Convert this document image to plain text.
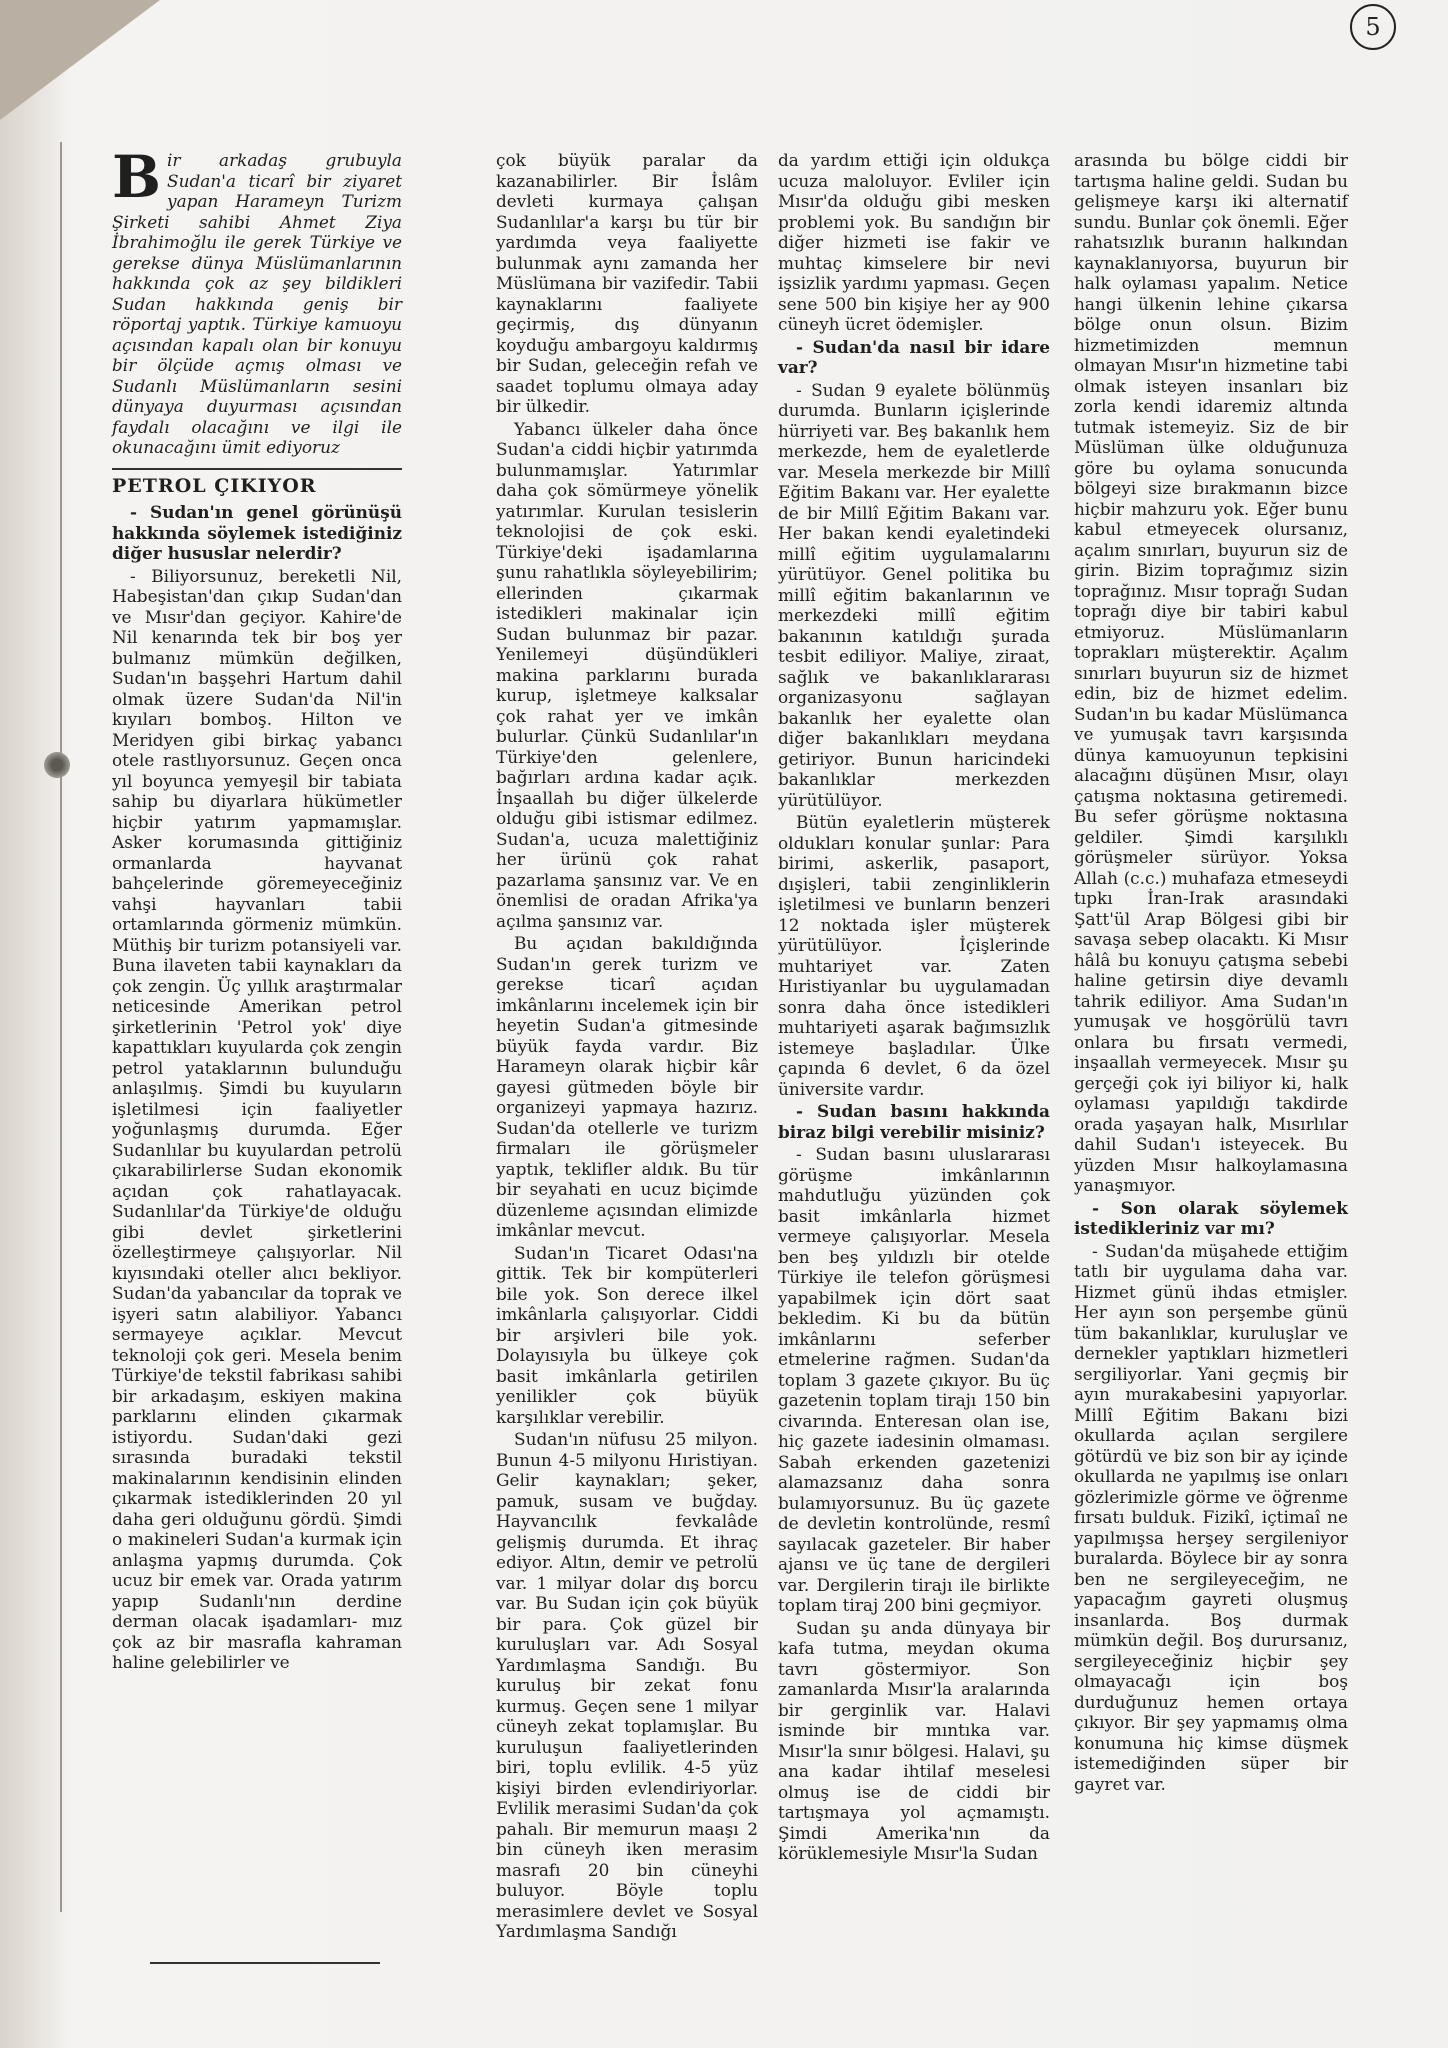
5

Bir arkadaş grubuyla Sudan'a ticarî bir ziyaret yapan Harameyn Turizm Şirketi sahibi Ahmet Ziya İbrahimoğlu ile gerek Türkiye ve gerekse dünya Müslümanlarının hakkında çok az şey bildikleri Sudan hakkında geniş bir röportaj yaptık. Türkiye kamuoyu açısından kapalı olan bir konuyu bir ölçüde açmış olması ve Sudanlı Müslümanların sesini dünyaya duyurması açısından faydalı olacağını ve ilgi ile okunacağını ümit ediyoruz

PETROL ÇIKIYOR

- Sudan'ın genel görünüşü hakkında söylemek istediğiniz diğer hususlar nelerdir?

- Biliyorsunuz, bereketli Nil, Habeşistan'dan çıkıp Sudan'dan ve Mısır'dan geçiyor. Kahire'de Nil kenarında tek bir boş yer bulmanız mümkün değilken, Sudan'ın başşehri Hartum dahil olmak üzere Sudan'da Nil'in kıyıları bomboş. Hilton ve Meridyen gibi birkaç yabancı otele rastlıyorsunuz. Geçen onca yıl boyunca yemyeşil bir tabiata sahip bu diyarlara hükümetler hiçbir yatırım yapmamışlar. Asker korumasında gittiğiniz ormanlarda hayvanat bahçelerinde göremeyeceğiniz vahşi hayvanları tabii ortamlarında görmeniz mümkün. Müthiş bir turizm potansiyeli var. Buna ilaveten tabii kaynakları da çok zengin. Üç yıllık araştırmalar neticesinde Amerikan petrol şirketlerinin 'Petrol yok' diye kapattıkları kuyularda çok zengin petrol yataklarının bulunduğu anlaşılmış. Şimdi bu kuyuların işletilmesi için faaliyetler yoğunlaşmış durumda. Eğer Sudanlılar bu kuyulardan petrolü çıkarabilirlerse Sudan ekonomik açıdan çok rahatlayacak. Sudanlılar'da Türkiye'de olduğu gibi devlet şirketlerini özelleştirmeye çalışıyorlar. Nil kıyısındaki oteller alıcı bekliyor. Sudan'da yabancılar da toprak ve işyeri satın alabiliyor. Yabancı sermayeye açıklar. Mevcut teknoloji çok geri. Mesela benim Türkiye'de tekstil fabrikası sahibi bir arkadaşım, eskiyen makina parklarını elinden çıkarmak istiyordu. Sudan'daki gezi sırasında buradaki tekstil makinalarının kendisinin elinden çıkarmak istediklerinden 20 yıl daha geri olduğunu gördü. Şimdi o makineleri Sudan'a kurmak için anlaşma yapmış durumda. Çok ucuz bir emek var. Orada yatırım yapıp Sudanlı'nın derdine derman olacak işadamları- mız çok az bir masrafla kahraman haline gelebilirler ve

çok büyük paralar da kazanabilirler. Bir İslâm devleti kurmaya çalışan Sudanlılar'a karşı bu tür bir yardımda veya faaliyette bulunmak aynı zamanda her Müslümana bir vazifedir. Tabii kaynaklarını faaliyete geçirmiş, dış dünyanın koyduğu ambargoyu kaldırmış bir Sudan, geleceğin refah ve saadet toplumu olmaya aday bir ülkedir.

Yabancı ülkeler daha önce Sudan'a ciddi hiçbir yatırımda bulunmamışlar. Yatırımlar daha çok sömürmeye yönelik yatırımlar. Kurulan tesislerin teknolojisi de çok eski. Türkiye'deki işadamlarına şunu rahatlıkla söyleyebilirim; ellerinden çıkarmak istedikleri makinalar için Sudan bulunmaz bir pazar. Yenilemeyi düşündükleri makina parklarını burada kurup, işletmeye kalksalar çok rahat yer ve imkân bulurlar. Çünkü Sudanlılar'ın Türkiye'den gelenlere, bağırları ardına kadar açık. İnşaallah bu diğer ülkelerde olduğu gibi istismar edilmez. Sudan'a, ucuza malettiğiniz her ürünü çok rahat pazarlama şansınız var. Ve en önemlisi de oradan Afrika'ya açılma şansınız var.

Bu açıdan bakıldığında Sudan'ın gerek turizm ve gerekse ticarî açıdan imkânlarını incelemek için bir heyetin Sudan'a gitmesinde büyük fayda vardır. Biz Harameyn olarak hiçbir kâr gayesi gütmeden böyle bir organizeyi yapmaya hazırız. Sudan'da otellerle ve turizm firmaları ile görüşmeler yaptık, teklifler aldık. Bu tür bir seyahati en ucuz biçimde düzenleme açısından elimizde imkânlar mevcut.

Sudan'ın Ticaret Odası'na gittik. Tek bir kompüterleri bile yok. Son derece ilkel imkânlarla çalışıyorlar. Ciddi bir arşivleri bile yok. Dolayısıyla bu ülkeye çok basit imkânlarla getirilen yenilikler çok büyük karşılıklar verebilir.

Sudan'ın nüfusu 25 milyon. Bunun 4-5 milyonu Hıristiyan. Gelir kaynakları; şeker, pamuk, susam ve buğday. Hayvancılık fevkalâde gelişmiş durumda. Et ihraç ediyor. Altın, demir ve petrolü var. 1 milyar dolar dış borcu var. Bu Sudan için çok büyük bir para. Çok güzel bir kuruluşları var. Adı Sosyal Yardımlaşma Sandığı. Bu kuruluş bir zekat fonu kurmuş. Geçen sene 1 milyar cüneyh zekat toplamışlar. Bu kuruluşun faaliyetlerinden biri, toplu evlilik. 4-5 yüz kişiyi birden evlendiriyorlar. Evlilik merasimi Sudan'da çok pahalı. Bir memurun maaşı 2 bin cüneyh iken merasim masrafı 20 bin cüneyhi buluyor. Böyle toplu merasimlere devlet ve Sosyal Yardımlaşma Sandığı

da yardım ettiği için oldukça ucuza maloluyor. Evliler için Mısır'da olduğu gibi mesken problemi yok. Bu sandığın bir diğer hizmeti ise fakir ve muhtaç kimselere bir nevi işsizlik yardımı yapması. Geçen sene 500 bin kişiye her ay 900 cüneyh ücret ödemişler.

- Sudan'da nasıl bir idare var?

- Sudan 9 eyalete bölünmüş durumda. Bunların içişlerinde hürriyeti var. Beş bakanlık hem merkezde, hem de eyaletlerde var. Mesela merkezde bir Millî Eğitim Bakanı var. Her eyalette de bir Millî Eğitim Bakanı var. Her bakan kendi eyaletindeki millî eğitim uygulamalarını yürütüyor. Genel politika bu millî eğitim bakanlarının ve merkezdeki millî eğitim bakanının katıldığı şurada tesbit ediliyor. Maliye, ziraat, sağlık ve bakanlıklararası organizasyonu sağlayan bakanlık her eyalette olan diğer bakanlıkları meydana getiriyor. Bunun haricindeki bakanlıklar merkezden yürütülüyor.

Bütün eyaletlerin müşterek oldukları konular şunlar: Para birimi, askerlik, pasaport, dışişleri, tabii zenginliklerin işletilmesi ve bunların benzeri 12 noktada işler müşterek yürütülüyor. İçişlerinde muhtariyet var. Zaten Hıristiyanlar bu uygulamadan sonra daha önce istedikleri muhtariyeti aşarak bağımsızlık istemeye başladılar. Ülke çapında 6 devlet, 6 da özel üniversite vardır.

- Sudan basını hakkında biraz bilgi verebilir misiniz?

- Sudan basını uluslararası görüşme imkânlarının mahdutluğu yüzünden çok basit imkânlarla hizmet vermeye çalışıyorlar. Mesela ben beş yıldızlı bir otelde Türkiye ile telefon görüşmesi yapabilmek için dört saat bekledim. Ki bu da bütün imkânlarını seferber etmelerine rağmen. Sudan'da toplam 3 gazete çıkıyor. Bu üç gazetenin toplam tirajı 150 bin civarında. Enteresan olan ise, hiç gazete iadesinin olmaması. Sabah erkenden gazetenizi alamazsanız daha sonra bulamıyorsunuz. Bu üç gazete de devletin kontrolünde, resmî sayılacak gazeteler. Bir haber ajansı ve üç tane de dergileri var. Dergilerin tirajı ile birlikte toplam tiraj 200 bini geçmiyor.

Sudan şu anda dünyaya bir kafa tutma, meydan okuma tavrı göstermiyor. Son zamanlarda Mısır'la aralarında bir gerginlik var. Halavi isminde bir mıntıka var. Mısır'la sınır bölgesi. Halavi, şu ana kadar ihtilaf meselesi olmuş ise de ciddi bir tartışmaya yol açmamıştı. Şimdi Amerika'nın da körüklemesiyle Mısır'la Sudan

arasında bu bölge ciddi bir tartışma haline geldi. Sudan bu gelişmeye karşı iki alternatif sundu. Bunlar çok önemli. Eğer rahatsızlık buranın halkından kaynaklanıyorsa, buyurun bir halk oylaması yapalım. Netice hangi ülkenin lehine çıkarsa bölge onun olsun. Bizim hizmetimizden memnun olmayan Mısır'ın hizmetine tabi olmak isteyen insanları biz zorla kendi idaremiz altında tutmak istemeyiz. Siz de bir Müslüman ülke olduğunuza göre bu oylama sonucunda bölgeyi size bırakmanın bizce hiçbir mahzuru yok. Eğer bunu kabul etmeyecek olursanız, açalım sınırları, buyurun siz de girin. Bizim toprağımız sizin toprağınız. Mısır toprağı Sudan toprağı diye bir tabiri kabul etmiyoruz. Müslümanların toprakları müşterektir. Açalım sınırları buyurun siz de hizmet edin, biz de hizmet edelim. Sudan'ın bu kadar Müslümanca ve yumuşak tavrı karşısında dünya kamuoyunun tepkisini alacağını düşünen Mısır, olayı çatışma noktasına getiremedi. Bu sefer görüşme noktasına geldiler. Şimdi karşılıklı görüşmeler sürüyor. Yoksa Allah (c.c.) muhafaza etmeseydi tıpkı İran-Irak arasındaki Şatt'ül Arap Bölgesi gibi bir savaşa sebep olacaktı. Ki Mısır hâlâ bu konuyu çatışma sebebi haline getirsin diye devamlı tahrik ediliyor. Ama Sudan'ın yumuşak ve hoşgörülü tavrı onlara bu fırsatı vermedi, inşaallah vermeyecek. Mısır şu gerçeği çok iyi biliyor ki, halk oylaması yapıldığı takdirde orada yaşayan halk, Mısırlılar dahil Sudan'ı isteyecek. Bu yüzden Mısır halkoylamasına yanaşmıyor.

- Son olarak söylemek istedikleriniz var mı?

- Sudan'da müşahede ettiğim tatlı bir uygulama daha var. Hizmet günü ihdas etmişler. Her ayın son perşembe günü tüm bakanlıklar, kuruluşlar ve dernekler yaptıkları hizmetleri sergiliyorlar. Yani geçmiş bir ayın murakabesini yapıyorlar. Millî Eğitim Bakanı bizi okullarda açılan sergilere götürdü ve biz son bir ay içinde okullarda ne yapılmış ise onları gözlerimizle görme ve öğrenme fırsatı bulduk. Fizikî, içtimaî ne yapılmışsa herşey sergileniyor buralarda. Böylece bir ay sonra ben ne sergileyeceğim, ne yapacağım gayreti oluşmuş insanlarda. Boş durmak mümkün değil. Boş durursanız, sergileyeceğiniz hiçbir şey olmayacağı için boş durduğunuz hemen ortaya çıkıyor. Bir şey yapmamış olma konumuna hiç kimse düşmek istemediğinden süper bir gayret var.
